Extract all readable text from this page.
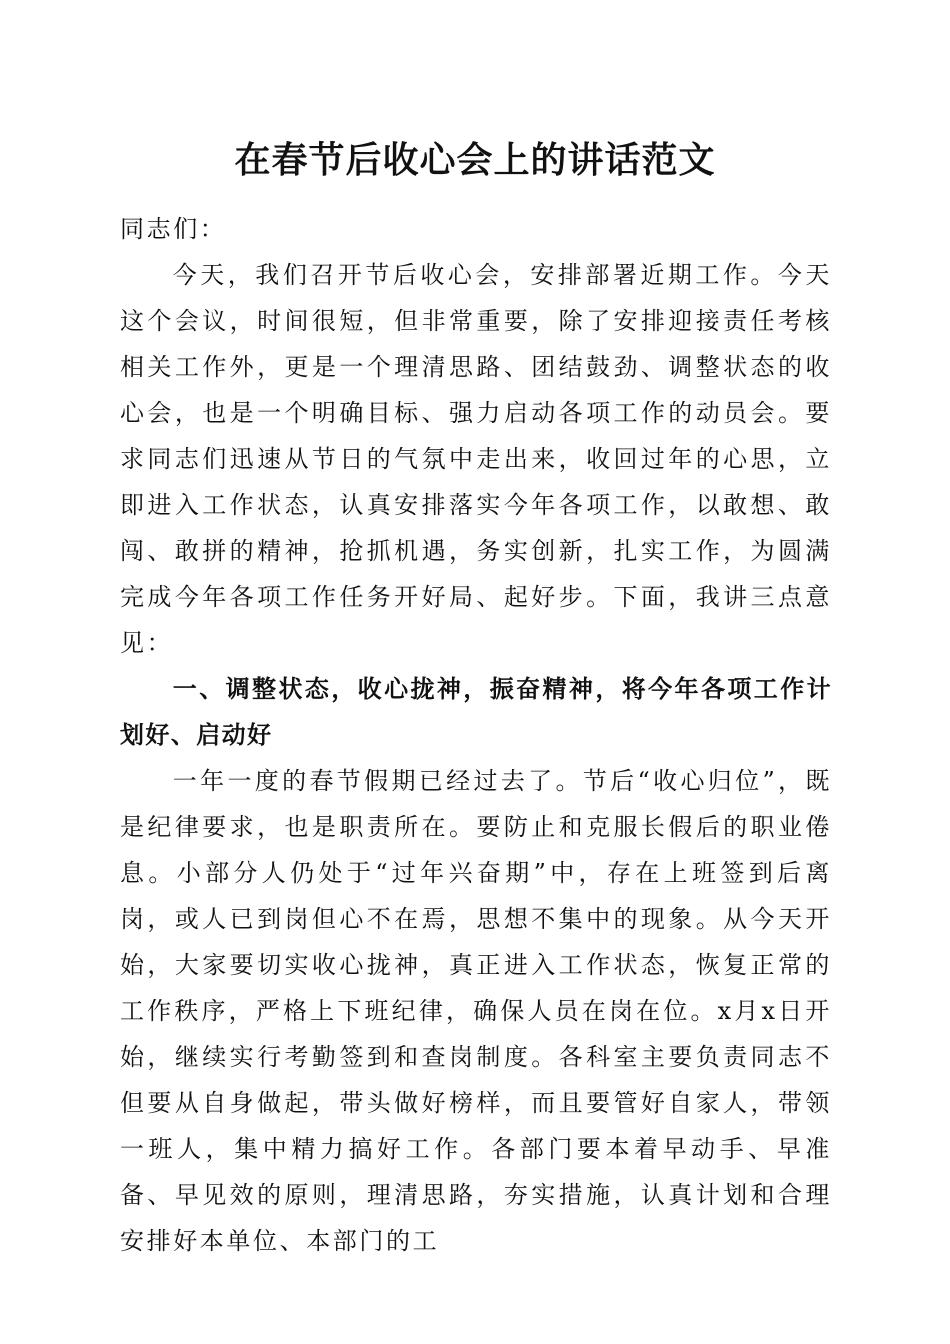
在春节后收心会上的讲话范文

同志们：

今天，我们召开节后收心会，安排部署近期工作。今天这个会议，时间很短，但非常重要，除了安排迎接责任考核相关工作外，更是一个理清思路、团结鼓劲、调整状态的收心会，也是一个明确目标、强力启动各项工作的动员会。要求同志们迅速从节日的气氛中走出来，收回过年的心思，立即进入工作状态，认真安排落实今年各项工作，以敢想、敢闯、敢拼的精神，抢抓机遇，务实创新，扎实工作，为圆满完成今年各项工作任务开好局、起好步。下面，我讲三点意见：

一、调整状态，收心拢神，振奋精神，将今年各项工作计划好、启动好

一年一度的春节假期已经过去了。节后“收心归位”，既是纪律要求，也是职责所在。要防止和克服长假后的职业倦息。小部分人仍处于“过年兴奋期”中，存在上班签到后离岗，或人已到岗但心不在焉，思想不集中的现象。从今天开始，大家要切实收心拢神，真正进入工作状态，恢复正常的工作秩序，严格上下班纪律，确保人员在岗在位。x月x日开始，继续实行考勤签到和查岗制度。各科室主要负责同志不但要从自身做起，带头做好榜样，而且要管好自家人，带领一班人，集中精力搞好工作。各部门要本着早动手、早准备、早见效的原则，理清思路，夯实措施，认真计划和合理安排好本单位、本部门的工
